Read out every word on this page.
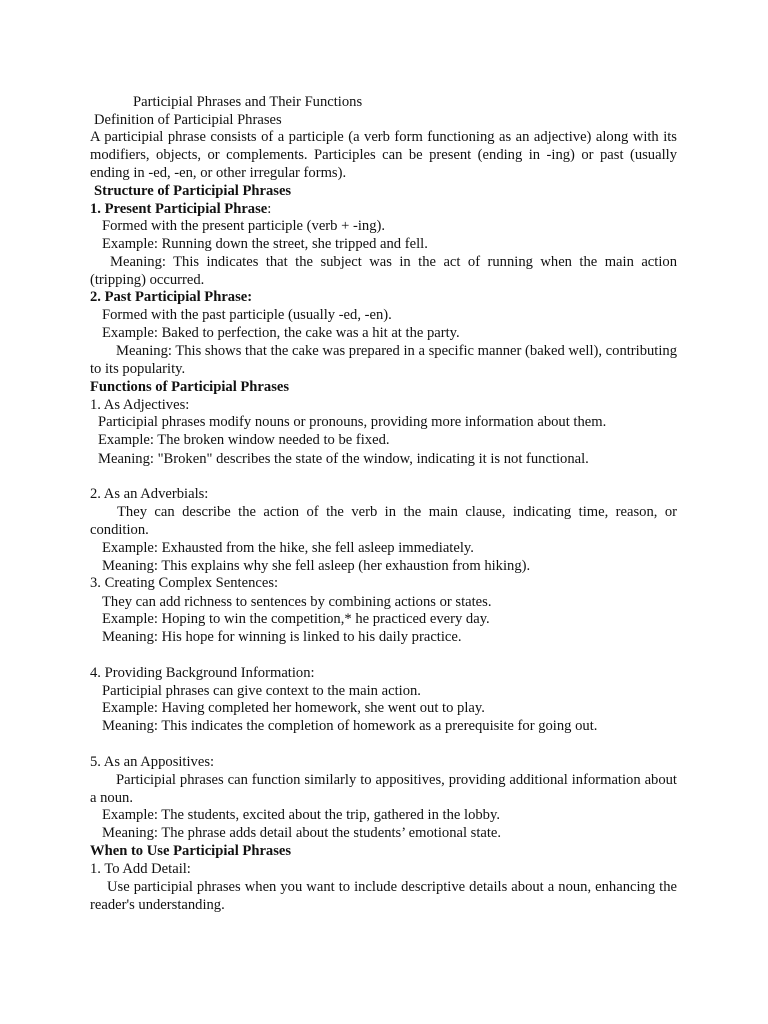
Participial Phrases and Their Functions
Definition of Participial Phrases
A participial phrase consists of a participle (a verb form functioning as an adjective) along with its modifiers, objects, or complements. Participles can be present (ending in -ing) or past (usually ending in -ed, -en, or other irregular forms).
Structure of Participial Phrases
1. Present Participial Phrase:
Formed with the present participle (verb + -ing).
Example: Running down the street, she tripped and fell.
Meaning: This indicates that the subject was in the act of running when the main action (tripping) occurred.
2. Past Participial Phrase:
Formed with the past participle (usually -ed, -en).
Example: Baked to perfection, the cake was a hit at the party.
Meaning: This shows that the cake was prepared in a specific manner (baked well), contributing to its popularity.
Functions of Participial Phrases
1. As Adjectives:
Participial phrases modify nouns or pronouns, providing more information about them.
Example: The broken window needed to be fixed.
Meaning: "Broken" describes the state of the window, indicating it is not functional.
2. As an Adverbials:
They can describe the action of the verb in the main clause, indicating time, reason, or condition.
Example: Exhausted from the hike, she fell asleep immediately.
Meaning: This explains why she fell asleep (her exhaustion from hiking).
3. Creating Complex Sentences:
They can add richness to sentences by combining actions or states.
Example: Hoping to win the competition,* he practiced every day.
Meaning: His hope for winning is linked to his daily practice.
4. Providing Background Information:
Participial phrases can give context to the main action.
Example: Having completed her homework, she went out to play.
Meaning: This indicates the completion of homework as a prerequisite for going out.
5. As an Appositives:
Participial phrases can function similarly to appositives, providing additional information about a noun.
Example: The students, excited about the trip, gathered in the lobby.
Meaning: The phrase adds detail about the students’ emotional state.
When to Use Participial Phrases
1. To Add Detail:
Use participial phrases when you want to include descriptive details about a noun, enhancing the reader's understanding.
